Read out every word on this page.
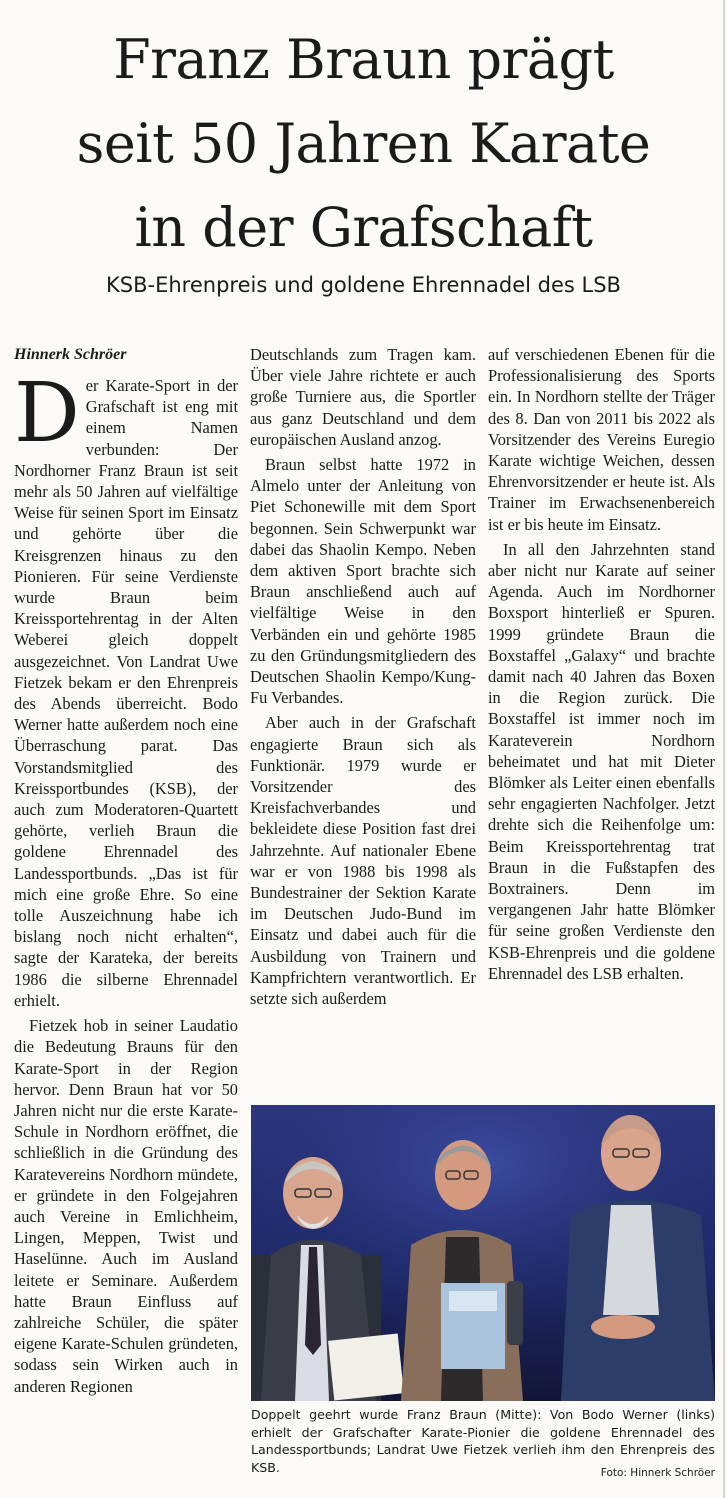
Franz Braun prägt
seit 50 Jahren Karate
in der Grafschaft
KSB-Ehrenpreis und goldene Ehrennadel des LSB
Hinnerk Schröer

Der Karate-Sport in der Grafschaft ist eng mit einem Namen verbunden: Der Nordhorner Franz Braun ist seit mehr als 50 Jahren auf vielfältige Weise für seinen Sport im Einsatz und gehörte über die Kreisgrenzen hinaus zu den Pionieren. Für seine Verdienste wurde Braun beim Kreissportehrentag in der Alten Weberei gleich doppelt ausgezeichnet. Von Landrat Uwe Fietzek bekam er den Ehrenpreis des Abends überreicht. Bodo Werner hatte außerdem noch eine Überraschung parat. Das Vorstandsmitglied des Kreissportbundes (KSB), der auch zum Moderatoren-Quartett gehörte, verlieh Braun die goldene Ehrennadel des Landessportbunds. „Das ist für mich eine große Ehre. So eine tolle Auszeichnung habe ich bislang noch nicht erhalten“, sagte der Karateka, der bereits 1986 die silberne Ehrennadel erhielt.

Fietzek hob in seiner Laudatio die Bedeutung Brauns für den Karate-Sport in der Region hervor. Denn Braun hat vor 50 Jahren nicht nur die erste Karate-Schule in Nordhorn eröffnet, die schließlich in die Gründung des Karatevereins Nordhorn mündete, er gründete in den Folgejahren auch Vereine in Emlichheim, Lingen, Meppen, Twist und Haselünne. Auch im Ausland leitete er Seminare. Außerdem hatte Braun Einfluss auf zahlreiche Schüler, die später eigene Karate-Schulen gründeten, sodass sein Wirken auch in anderen Regionen

Deutschlands zum Tragen kam. Über viele Jahre richtete er auch große Turniere aus, die Sportler aus ganz Deutschland und dem europäischen Ausland anzog.

Braun selbst hatte 1972 in Almelo unter der Anleitung von Piet Schonewille mit dem Sport begonnen. Sein Schwerpunkt war dabei das Shaolin Kempo. Neben dem aktiven Sport brachte sich Braun anschließend auch auf vielfältige Weise in den Verbänden ein und gehörte 1985 zu den Gründungsmitgliedern des Deutschen Shaolin Kempo/Kung-Fu Verbandes.

Aber auch in der Grafschaft engagierte Braun sich als Funktionär. 1979 wurde er Vorsitzender des Kreisfachverbandes und bekleidete diese Position fast drei Jahrzehnte. Auf nationaler Ebene war er von 1988 bis 1998 als Bundestrainer der Sektion Karate im Deutschen Judo-Bund im Einsatz und dabei auch für die Ausbildung von Trainern und Kampfrichtern verantwortlich. Er setzte sich außerdem

auf verschiedenen Ebenen für die Professionalisierung des Sports ein. In Nordhorn stellte der Träger des 8. Dan von 2011 bis 2022 als Vorsitzender des Vereins Euregio Karate wichtige Weichen, dessen Ehrenvorsitzender er heute ist. Als Trainer im Erwachsenenbereich ist er bis heute im Einsatz.

In all den Jahrzehnten stand aber nicht nur Karate auf seiner Agenda. Auch im Nordhorner Boxsport hinterließ er Spuren. 1999 gründete Braun die Boxstaffel „Galaxy“ und brachte damit nach 40 Jahren das Boxen in die Region zurück. Die Boxstaffel ist immer noch im Karateverein Nordhorn beheimatet und hat mit Dieter Blömker als Leiter einen ebenfalls sehr engagierten Nachfolger. Jetzt drehte sich die Reihenfolge um: Beim Kreissportehrentag trat Braun in die Fußstapfen des Boxtrainers. Denn im vergangenen Jahr hatte Blömker für seine großen Verdienste den KSB-Ehrenpreis und die goldene Ehrennadel des LSB erhalten.

Doppelt geehrt wurde Franz Braun (Mitte): Von Bodo Werner (links) erhielt der Grafschafter Karate-Pionier die goldene Ehrennadel des Landessportbunds; Landrat Uwe Fietzek verlieh ihm den Ehrenpreis des KSB.	Foto: Hinnerk Schröer
